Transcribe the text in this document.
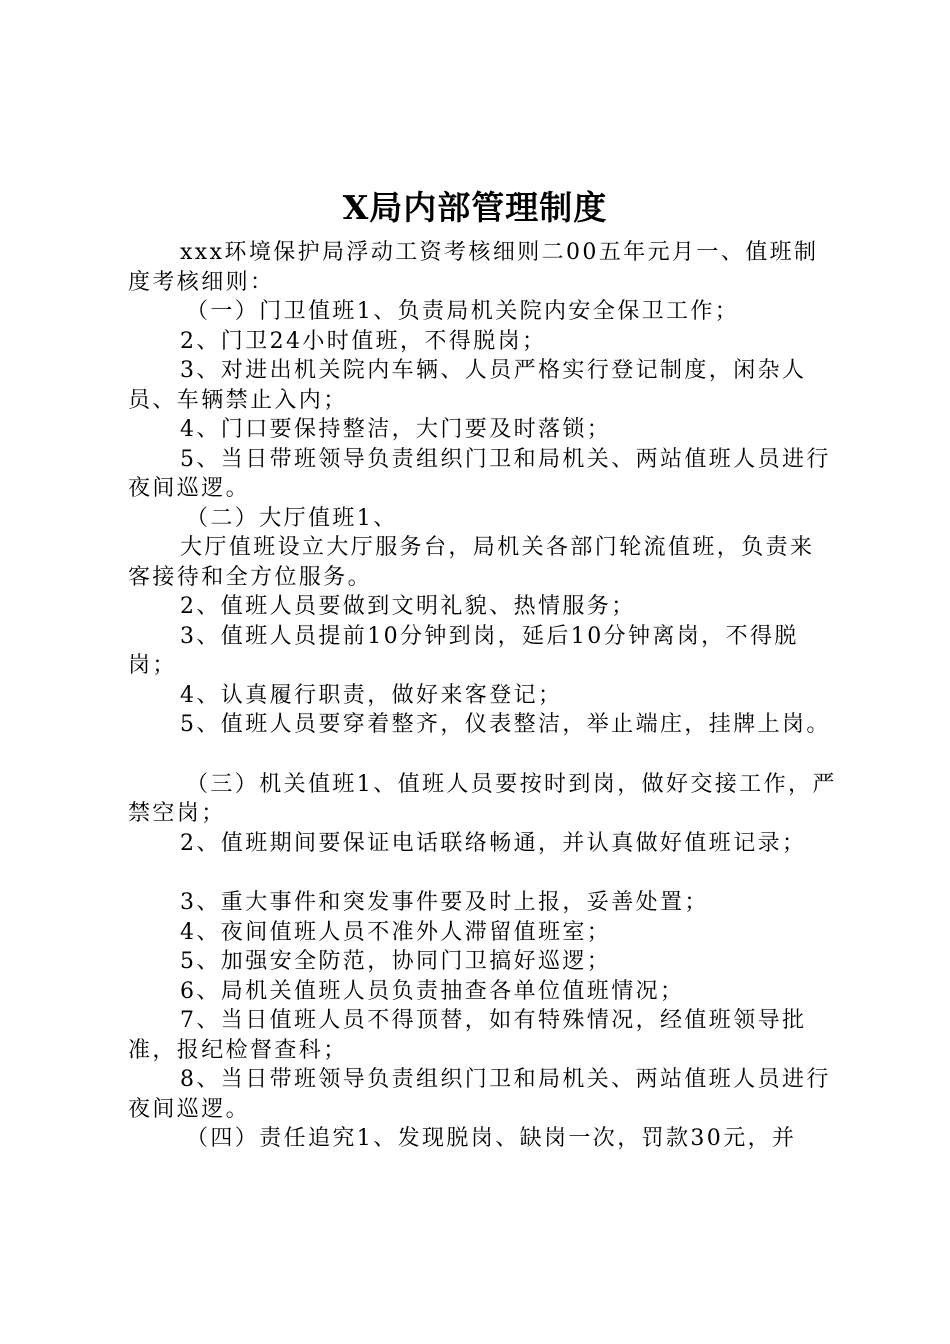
X局内部管理制度

xxx环境保护局浮动工资考核细则二00五年元月一、值班制度考核细则：

（一）门卫值班1、负责局机关院内安全保卫工作；

2、门卫24小时值班，不得脱岗；

3、对进出机关院内车辆、人员严格实行登记制度，闲杂人员、车辆禁止入内；

4、门口要保持整洁，大门要及时落锁；

5、当日带班领导负责组织门卫和局机关、两站值班人员进行夜间巡逻。

（二）大厅值班1、

大厅值班设立大厅服务台，局机关各部门轮流值班，负责来客接待和全方位服务。

2、值班人员要做到文明礼貌、热情服务；

3、值班人员提前10分钟到岗，延后10分钟离岗，不得脱岗；

4、认真履行职责，做好来客登记；

5、值班人员要穿着整齐，仪表整洁，举止端庄，挂牌上岗。

（三）机关值班1、值班人员要按时到岗，做好交接工作，严禁空岗；

2、值班期间要保证电话联络畅通，并认真做好值班记录；

3、重大事件和突发事件要及时上报，妥善处置；

4、夜间值班人员不准外人滞留值班室；

5、加强安全防范，协同门卫搞好巡逻；

6、局机关值班人员负责抽查各单位值班情况；

7、当日值班人员不得顶替，如有特殊情况，经值班领导批准，报纪检督查科；

8、当日带班领导负责组织门卫和局机关、两站值班人员进行夜间巡逻。

（四）责任追究1、发现脱岗、缺岗一次，罚款30元，并
